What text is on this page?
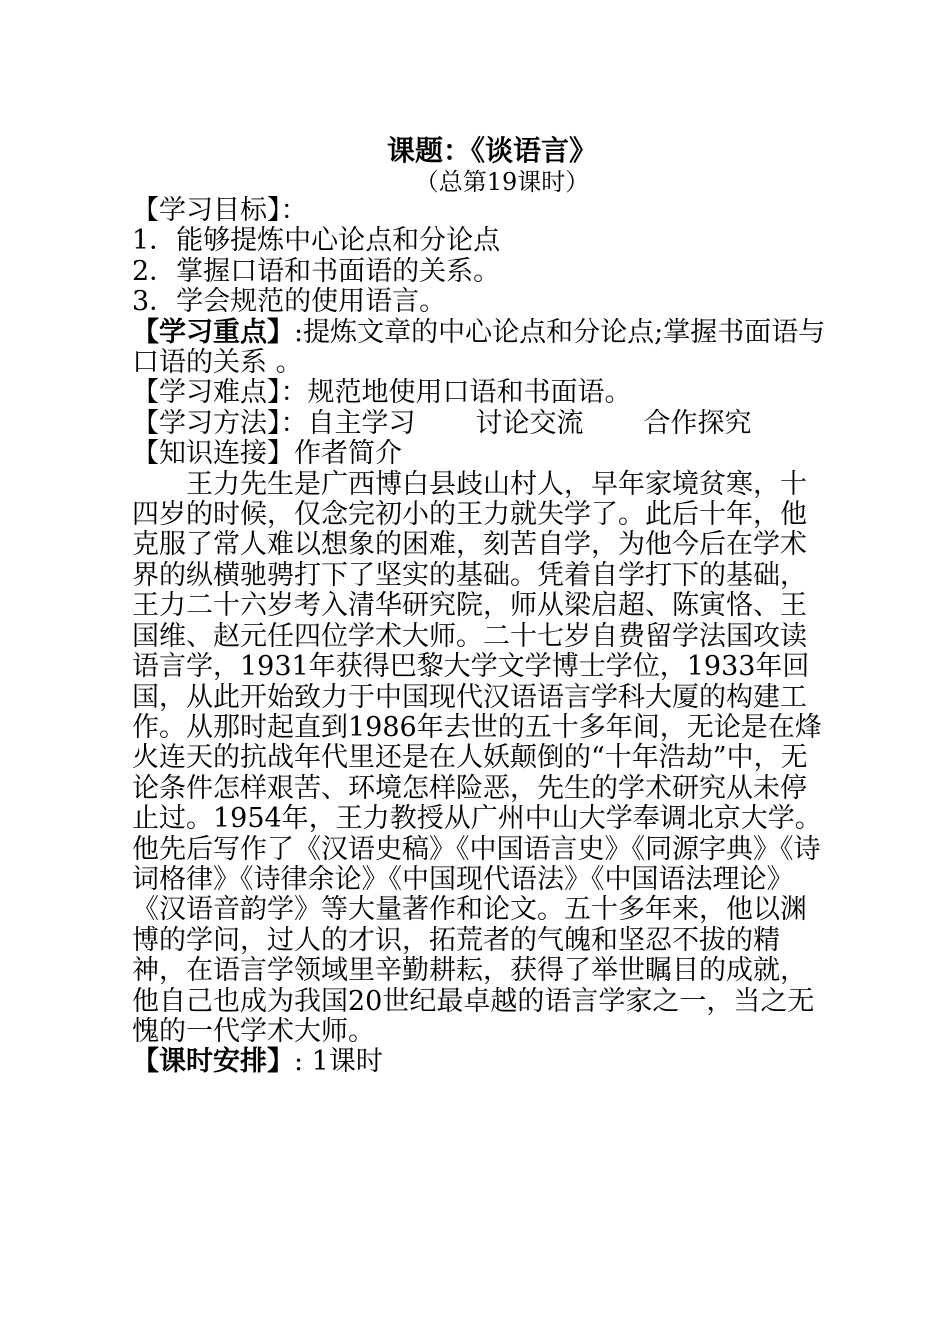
课题：《谈语言》
（总第19课时）
【学习目标】：
1．能够提炼中心论点和分论点
2．掌握口语和书面语的关系。
3．学会规范的使用语言。
【学习重点】:提炼文章的中心论点和分论点;掌握书面语与口语的关系 。
【学习难点】：规范地使用口语和书面语。
【学习方法】：自主学习 讨论交流 合作探究
【知识连接】作者简介
王力先生是广西博白县歧山村人，早年家境贫寒，十四岁的时候，仅念完初小的王力就失学了。此后十年，他克服了常人难以想象的困难，刻苦自学，为他今后在学术界的纵横驰骋打下了坚实的基础。凭着自学打下的基础，王力二十六岁考入清华研究院，师从梁启超、陈寅恪、王国维、赵元任四位学术大师。二十七岁自费留学法国攻读语言学，1931年获得巴黎大学文学博士学位，1933年回国，从此开始致力于中国现代汉语语言学科大厦的构建工作。从那时起直到1986年去世的五十多年间，无论是在烽火连天的抗战年代里还是在人妖颠倒的“十年浩劫”中，无论条件怎样艰苦、环境怎样险恶，先生的学术研究从未停止过。1954年，王力教授从广州中山大学奉调北京大学。他先后写作了《汉语史稿》《中国语言史》《同源字典》《诗词格律》《诗律余论》《中国现代语法》《中国语法理论》《汉语音韵学》等大量著作和论文。五十多年来，他以渊博的学问，过人的才识，拓荒者的气魄和坚忍不拔的精神，在语言学领域里辛勤耕耘，获得了举世瞩目的成就，他自己也成为我国20世纪最卓越的语言学家之一，当之无愧的一代学术大师。
【课时安排】: 1课时
